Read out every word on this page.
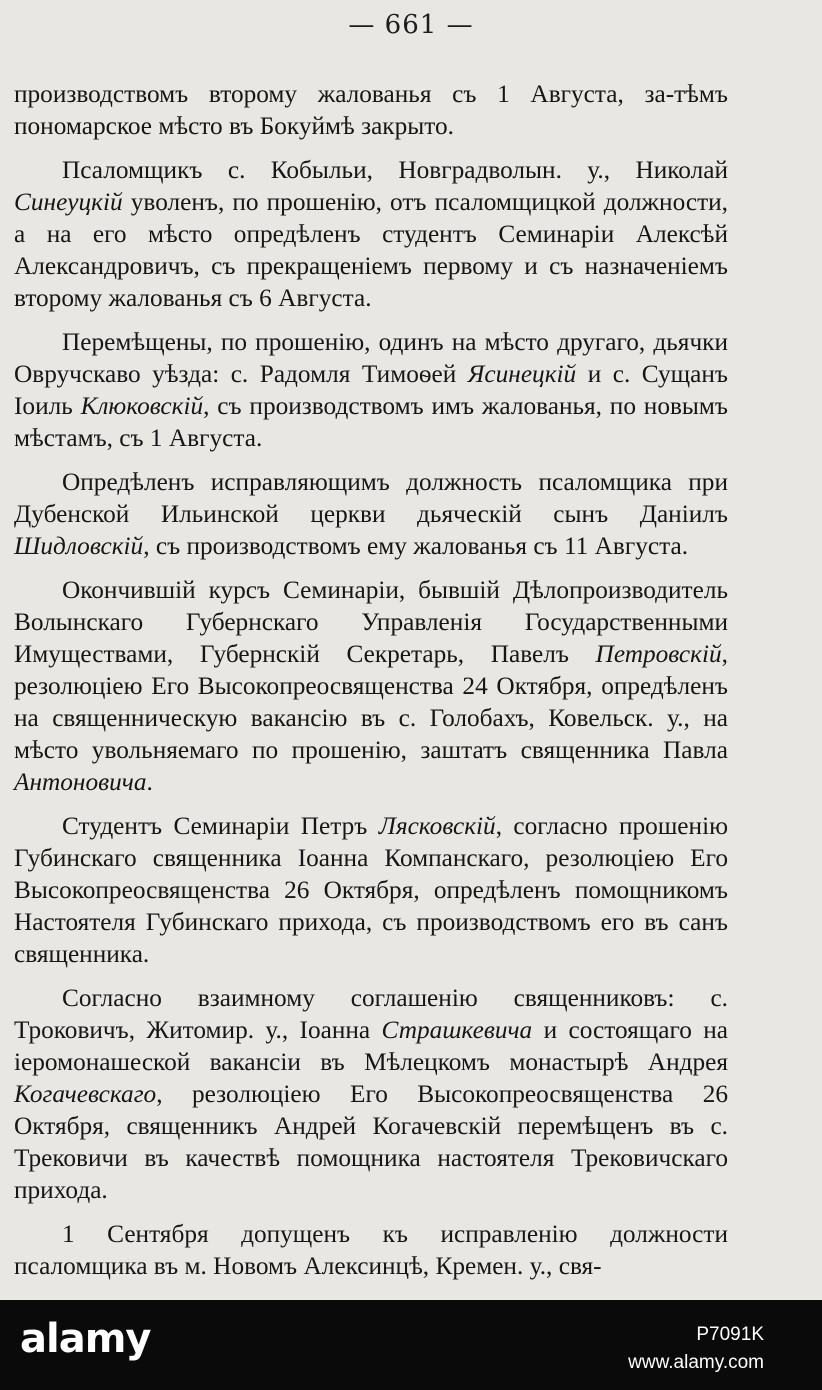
— 661 —

производствомъ второму жалованья съ 1 Августа, за-тѣмъ пономарское мѣсто въ Бокуймѣ закрыто.

Псаломщикъ с. Кобыльи, Новградволын. у., Николай Синеуцкій уволенъ, по прошенію, отъ псаломщицкой должности, а на его мѣсто опредѣленъ студентъ Семинаріи Алексѣй Александровичъ, съ прекращеніемъ первому и съ назначеніемъ второму жалованья съ 6 Авгуcта.

Перемѣщены, по прошенію, одинъ на мѣсто другаго, дьячки Овручскаво уѣзда: с. Радомля Тимоѳей Ясинецкій и с. Сущанъ Іоиль Клюковскій, съ производствомъ имъ жалованья, по новымъ мѣстамъ, съ 1 Августа.

Опредѣленъ исправляющимъ должность псаломщика при Дубенской Ильинской церкви дьяческій сынъ Даніилъ Шидловскій, съ производствомъ ему жалованья съ 11 Августа.

Окончившій курсъ Семинаріи, бывшій Дѣлопроизводитель Волынскаго Губернскаго Управленія Государственными Имуществами, Губернскій Секретарь, Павелъ Петровскій, резолюціею Его Высокопреосвященства 24 Октября, опредѣленъ на священническую вакансію въ с. Голобахъ, Ковельск. у., на мѣсто увольняемаго по прошенію, заштатъ священника Павла Антоновича.

Студентъ Семинаріи Петръ Лясковскій, согласно прошенію Губинскаго священника Іоанна Компанскаго, резолюціею Его Высокопреосвященства 26 Октября, опредѣленъ помощникомъ Настоятеля Губинскаго прихода, съ производствомъ его въ санъ священника.

Согласно взаимному соглашенію священниковъ: с. Троковичъ, Житомир. у., Іоанна Страшкевича и состоящаго на іеромонашеской вакансіи въ Мѣлецкомъ монастырѣ Андрея Когачевскаго, резолюціею Его Высокопреосвященства 26 Октября, священникъ Андрей Когачевскій перемѣщенъ въ с. Трековичи въ качествѣ помощника настоятеля Трековичскаго прихода.

1 Сентября допущенъ къ исправленію должности псаломщика въ м. Новомъ Алексинцѣ, Кремен. у., свя-

alamy	P7091K
www.alamy.com
